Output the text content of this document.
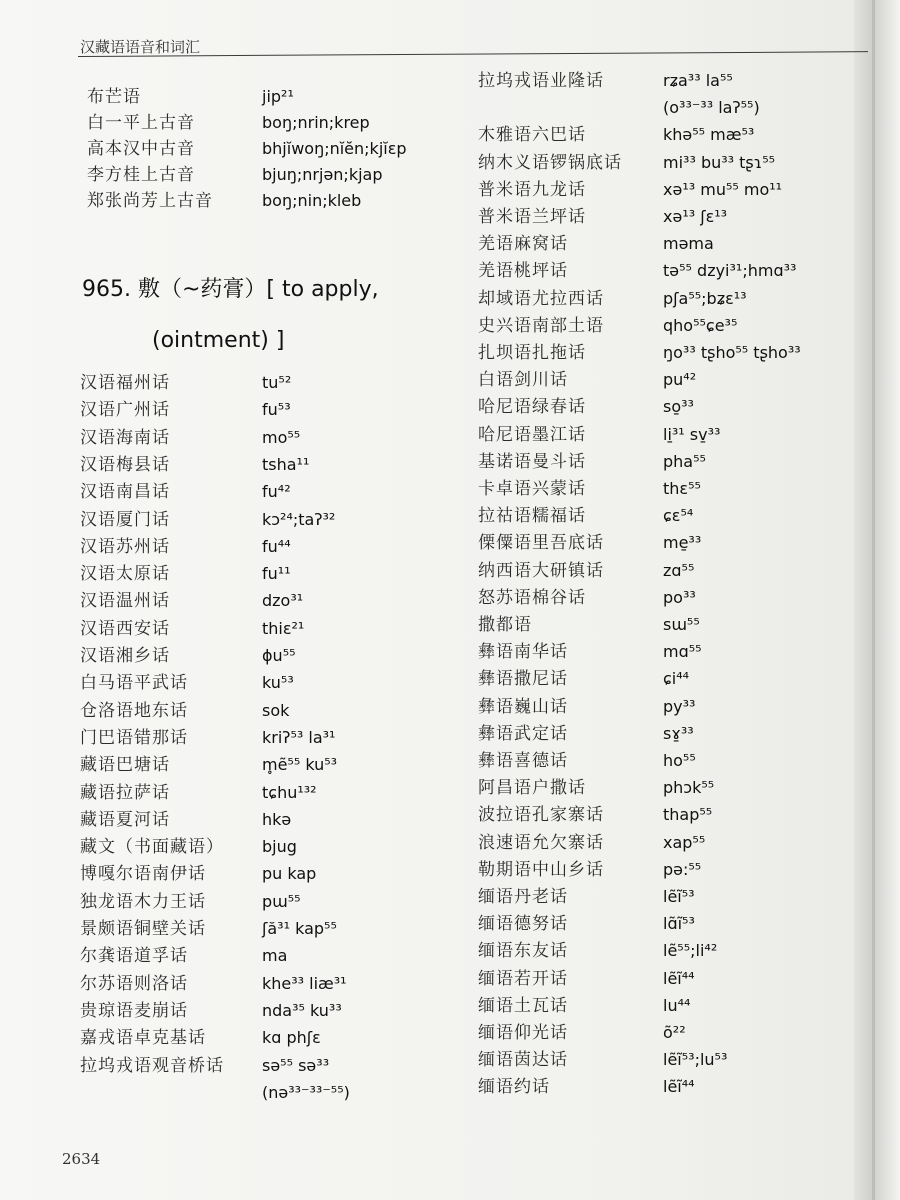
汉藏语语音和词汇
布芒语	jip²¹
白一平上古音	boŋ;nrin;krep
高本汉中古音	bhjĭwoŋ;nĭĕn;kjĭɛp
李方桂上古音	bjuŋ;nrjən;kjap
郑张尚芳上古音	boŋ;nin;kleb
965. 敷（~药膏）[ to apply,
(ointment) ]
汉语福州话	tu⁵²
汉语广州话	fu⁵³
汉语海南话	mo⁵⁵
汉语梅县话	tsha¹¹
汉语南昌话	fu⁴²
汉语厦门话	kɔ²⁴;taʔ³²
汉语苏州话	fu⁴⁴
汉语太原话	fu¹¹
汉语温州话	dzo³¹
汉语西安话	thiɛ²¹
汉语湘乡话	ɸu⁵⁵
白马语平武话	ku⁵³
仓洛语地东话	sok
门巴语错那话	kriʔ⁵³ la³¹
藏语巴塘话	m̥ẽ⁵⁵ ku⁵³
藏语拉萨话	tɕhu¹³²
藏语夏河话	hkə
藏文（书面藏语） bjug
博嘎尔语南伊话	pu kap
独龙语木力王话	pɯ⁵⁵
景颇语铜壁关话	ʃă³¹ kap⁵⁵
尔龚语道孚话	ma
尔苏语则洛话	khe³³ liæ³¹
贵琼语麦崩话	nda³⁵ ku³³
嘉戎语卓克基话	kɑ phʃɛ
拉坞戎语观音桥话 sə⁵⁵ sə³³
(nə³³⁻³³⁻⁵⁵)
拉坞戎语业隆话	rʑa³³ la⁵⁵
(o³³⁻³³ laʔ⁵⁵)
木雅语六巴话	khə⁵⁵ mæ⁵³
纳木义语锣锅底话	mi³³ bu³³ tʂɿ⁵⁵
普米语九龙话	xə¹³ mu⁵⁵ mo¹¹
普米语兰坪话	xə¹³ ʃɛ¹³
羌语麻窝话	məma
羌语桃坪话	tə⁵⁵ dzyi³¹;hmɑ³³
却域语尤拉西话	pʃa⁵⁵;bʑɛ¹³
史兴语南部土语	qho⁵⁵ɕe³⁵
扎坝语扎拖话	ŋo³³ tʂho⁵⁵ tʂho³³
白语剑川话	pu⁴²
哈尼语绿春话	so̱³³
哈尼语墨江话	li̱³¹ sv̱³³
基诺语曼斗话	pha⁵⁵
卡卓语兴蒙话	thɛ⁵⁵
拉祜语糯福话	ɕɛ⁵⁴
傈僳语里吾底话	me̱³³
纳西语大研镇话	zɑ⁵⁵
怒苏语棉谷话	po³³
撒都语	sɯ⁵⁵
彝语南华话	mɑ⁵⁵
彝语撒尼话	ɕi⁴⁴
彝语巍山话	py³³
彝语武定话	sɤ̱³³
彝语喜德话	ho⁵⁵
阿昌语户撒话	phɔk⁵⁵
波拉语孔家寨话	thap⁵⁵
浪速语允欠寨话	xap⁵⁵
勒期语中山乡话	pə:⁵⁵
缅语丹老话	lẽĩ⁵³
缅语德努话	lɑ̃ĩ⁵³
缅语东友话	lẽ⁵⁵;li⁴²
缅语若开话	lẽĩ⁴⁴
缅语土瓦话	lu⁴⁴
缅语仰光话	õ²²
缅语茵达话	lẽĩ⁵³;lu⁵³
缅语约话	lẽĩ⁴⁴
2634
